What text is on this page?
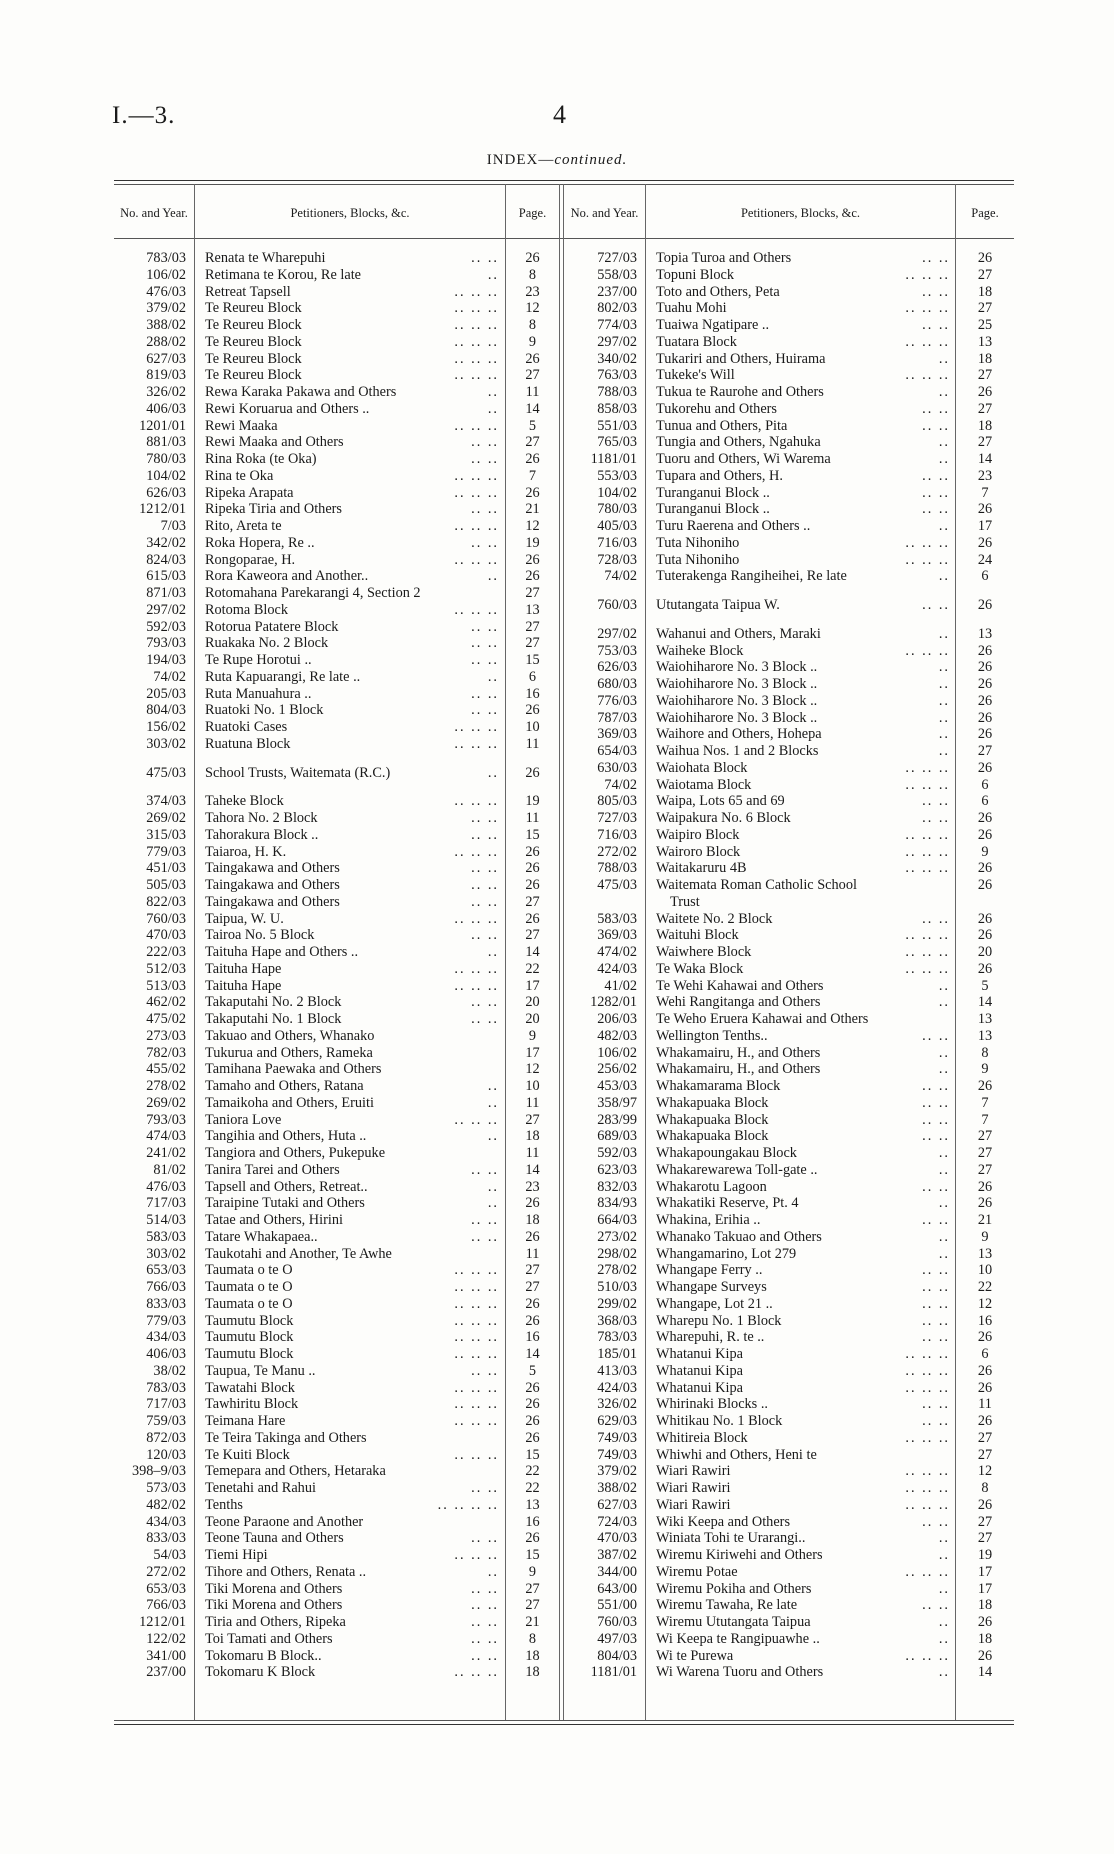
I.—3.	4
INDEX—continued.
No. and Year.	Petitioners, Blocks, &c.	Page.	No. and Year.	Petitioners, Blocks, &c.	Page.
783/03 Renata te Wharepuhi	.. ..	26
106/02 Retimana te Korou, Re late	..	8
476/03 Retreat Tapsell	.. .. ..	23
379/02 Te Reureu Block	.. .. ..	12
388/02 Te Reureu Block	.. .. ..	8
288/02 Te Reureu Block	.. .. ..	9
627/03 Te Reureu Block	.. .. ..	26
819/03 Te Reureu Block	.. .. ..	27
326/02 Rewa Karaka Pakawa and Others	..	11
406/03 Rewi Koruarua and Others ..	..	14
1201/01 Rewi Maaka	.. .. ..	5
881/03 Rewi Maaka and Others	.. ..	27
780/03 Rina Roka (te Oka)	.. ..	26
104/02 Rina te Oka	.. .. ..	7
626/03 Ripeka Arapata	.. .. ..	26
1212/01 Ripeka Tiria and Others	.. ..	21
7/03 Rito, Areta te	.. .. ..	12
342/02 Roka Hopera, Re ..	.. ..	19
824/03 Rongoparae, H.	.. .. ..	26
615/03 Rora Kaweora and Another..	..	26
871/03 Rotomahana Parekarangi 4, Section 2	27
297/02 Rotoma Block	.. .. ..	13
592/03 Rotorua Patatere Block	.. ..	27
793/03 Ruakaka No. 2 Block	.. ..	27
194/03 Te Rupe Horotui ..	.. ..	15
74/02 Ruta Kapuarangi, Re late ..	..	6
205/03 Ruta Manuahura ..	.. ..	16
804/03 Ruatoki No. 1 Block	.. ..	26
156/02 Ruatoki Cases	.. .. ..	10
303/02 Ruatuna Block	.. .. ..	11
475/03 School Trusts, Waitemata (R.C.)	..	26
374/03 Taheke Block	.. .. ..	19
269/02 Tahora No. 2 Block	.. ..	11
315/03 Tahorakura Block ..	.. ..	15
779/03 Taiaroa, H. K.	.. .. ..	26
451/03 Taingakawa and Others	.. ..	26
505/03 Taingakawa and Others	.. ..	26
822/03 Taingakawa and Others	.. ..	27
760/03 Taipua, W. U.	.. .. ..	26
470/03 Tairoa No. 5 Block	.. ..	27
222/03 Taituha Hape and Others ..	..	14
512/03 Taituha Hape	.. .. ..	22
513/03 Taituha Hape	.. .. ..	17
462/02 Takaputahi No. 2 Block	.. ..	20
475/02 Takaputahi No. 1 Block	.. ..	20
273/03 Takuao and Others, Whanako	9
782/03 Tukurua and Others, Rameka	17
455/02 Tamihana Paewaka and Others	12
278/02 Tamaho and Others, Ratana	..	10
269/02 Tamaikoha and Others, Eruiti	..	11
793/03 Taniora Love	.. .. ..	27
474/03 Tangihia and Others, Huta ..	..	18
241/02 Tangiora and Others, Pukepuke	11
81/02 Tanira Tarei and Others	.. ..	14
476/03 Tapsell and Others, Retreat..	..	23
717/03 Taraipine Tutaki and Others	..	26
514/03 Tatae and Others, Hirini	.. ..	18
583/03 Tatare Whakapaea..	.. ..	26
303/02 Taukotahi and Another, Te Awhe	11
653/03 Taumata o te O	.. .. ..	27
766/03 Taumata o te O	.. .. ..	27
833/03 Taumata o te O	.. .. ..	26
779/03 Taumutu Block	.. .. ..	26
434/03 Taumutu Block	.. .. ..	16
406/03 Taumutu Block	.. .. ..	14
38/02 Taupua, Te Manu ..	.. ..	5
783/03 Tawatahi Block	.. .. ..	26
717/03 Tawhiritu Block	.. .. ..	26
759/03 Teimana Hare	.. .. ..	26
872/03 Te Teira Takinga and Others	26
120/03 Te Kuiti Block	.. .. ..	15
398–9/03 Temepara and Others, Hetaraka	22
573/03 Tenetahi and Rahui	.. ..	22
482/02 Tenths	.. .. .. ..	13
434/03 Teone Paraone and Another	16
833/03 Teone Tauna and Others	.. ..	26
54/03 Tiemi Hipi	.. .. ..	15
272/02 Tihore and Others, Renata ..	..	9
653/03 Tiki Morena and Others	.. ..	27
766/03 Tiki Morena and Others	.. ..	27
1212/01 Tiria and Others, Ripeka	.. ..	21
122/02 Toi Tamati and Others	.. ..	8
341/00 Tokomaru B Block..	.. ..	18
237/00 Tokomaru K Block	.. .. ..	18
727/03 Topia Turoa and Others	.. ..	26
558/03 Topuni Block	.. .. ..	27
237/00 Toto and Others, Peta	.. ..	18
802/03 Tuahu Mohi	.. .. ..	27
774/03 Tuaiwa Ngatipare ..	.. ..	25
297/02 Tuatara Block	.. .. ..	13
340/02 Tukariri and Others, Huirama	..	18
763/03 Tukeke's Will	.. .. ..	27
788/03 Tukua te Raurohe and Others	..	26
858/03 Tukorehu and Others	.. ..	27
551/03 Tunua and Others, Pita	.. ..	18
765/03 Tungia and Others, Ngahuka	..	27
1181/01 Tuoru and Others, Wi Warema	..	14
553/03 Tupara and Others, H.	.. ..	23
104/02 Turanganui Block ..	.. ..	7
780/03 Turanganui Block ..	.. ..	26
405/03 Turu Raerena and Others ..	..	17
716/03 Tuta Nihoniho	.. .. ..	26
728/03 Tuta Nihoniho	.. .. ..	24
74/02 Tuterakenga Rangiheihei, Re late	..	6
760/03 Ututangata Taipua W.	.. ..	26
297/02 Wahanui and Others, Maraki	..	13
753/03 Waiheke Block	.. .. ..	26
626/03 Waiohiharore No. 3 Block ..	..	26
680/03 Waiohiharore No. 3 Block ..	..	26
776/03 Waiohiharore No. 3 Block ..	..	26
787/03 Waiohiharore No. 3 Block ..	..	26
369/03 Waihore and Others, Hohepa	..	26
654/03 Waihua Nos. 1 and 2 Blocks	..	27
630/03 Waiohata Block	.. .. ..	26
74/02 Waiotama Block	.. .. ..	6
805/03 Waipa, Lots 65 and 69	.. ..	6
727/03 Waipakura No. 6 Block	.. ..	26
716/03 Waipiro Block	.. .. ..	26
272/02 Wairoro Block	.. .. ..	9
788/03 Waitakaruru 4B	.. .. ..	26
475/03 Waitemata Roman Catholic School	26
Trust
583/03 Waitete No. 2 Block	.. ..	26
369/03 Waituhi Block	.. .. ..	26
474/02 Waiwhere Block	.. .. ..	20
424/03 Te Waka Block	.. .. ..	26
41/02 Te Wehi Kahawai and Others	..	5
1282/01 Wehi Rangitanga and Others	..	14
206/03 Te Weho Eruera Kahawai and Others	13
482/03 Wellington Tenths..	.. ..	13
106/02 Whakamairu, H., and Others	..	8
256/02 Whakamairu, H., and Others	..	9
453/03 Whakamarama Block	.. ..	26
358/97 Whakapuaka Block	.. ..	7
283/99 Whakapuaka Block	.. ..	7
689/03 Whakapuaka Block	.. ..	27
592/03 Whakapoungakau Block	..	27
623/03 Whakarewarewa Toll-gate ..	..	27
832/03 Whakarotu Lagoon	.. ..	26
834/93 Whakatiki Reserve, Pt. 4	..	26
664/03 Whakina, Erihia ..	.. ..	21
273/02 Whanako Takuao and Others	..	9
298/02 Whangamarino, Lot 279	..	13
278/02 Whangape Ferry ..	.. ..	10
510/03 Whangape Surveys	.. ..	22
299/02 Whangape, Lot 21 ..	.. ..	12
368/03 Wharepu No. 1 Block	.. ..	16
783/03 Wharepuhi, R. te ..	.. ..	26
185/01 Whatanui Kipa	.. .. ..	6
413/03 Whatanui Kipa	.. .. ..	26
424/03 Whatanui Kipa	.. .. ..	26
326/02 Whirinaki Blocks ..	.. ..	11
629/03 Whitikau No. 1 Block	.. ..	26
749/03 Whitireia Block	.. .. ..	27
749/03 Whiwhi and Others, Heni te	27
379/02 Wiari Rawiri	.. .. ..	12
388/02 Wiari Rawiri	.. .. ..	8
627/03 Wiari Rawiri	.. .. ..	26
724/03 Wiki Keepa and Others	.. ..	27
470/03 Winiata Tohi te Urarangi..	..	27
387/02 Wiremu Kiriwehi and Others	..	19
344/00 Wiremu Potae	.. .. ..	17
643/00 Wiremu Pokiha and Others	..	17
551/00 Wiremu Tawaha, Re late	.. ..	18
760/03 Wiremu Ututangata Taipua	..	26
497/03 Wi Keepa te Rangipuawhe ..	..	18
804/03 Wi te Purewa	.. .. ..	26
1181/01 Wi Warena Tuoru and Others	..	14
